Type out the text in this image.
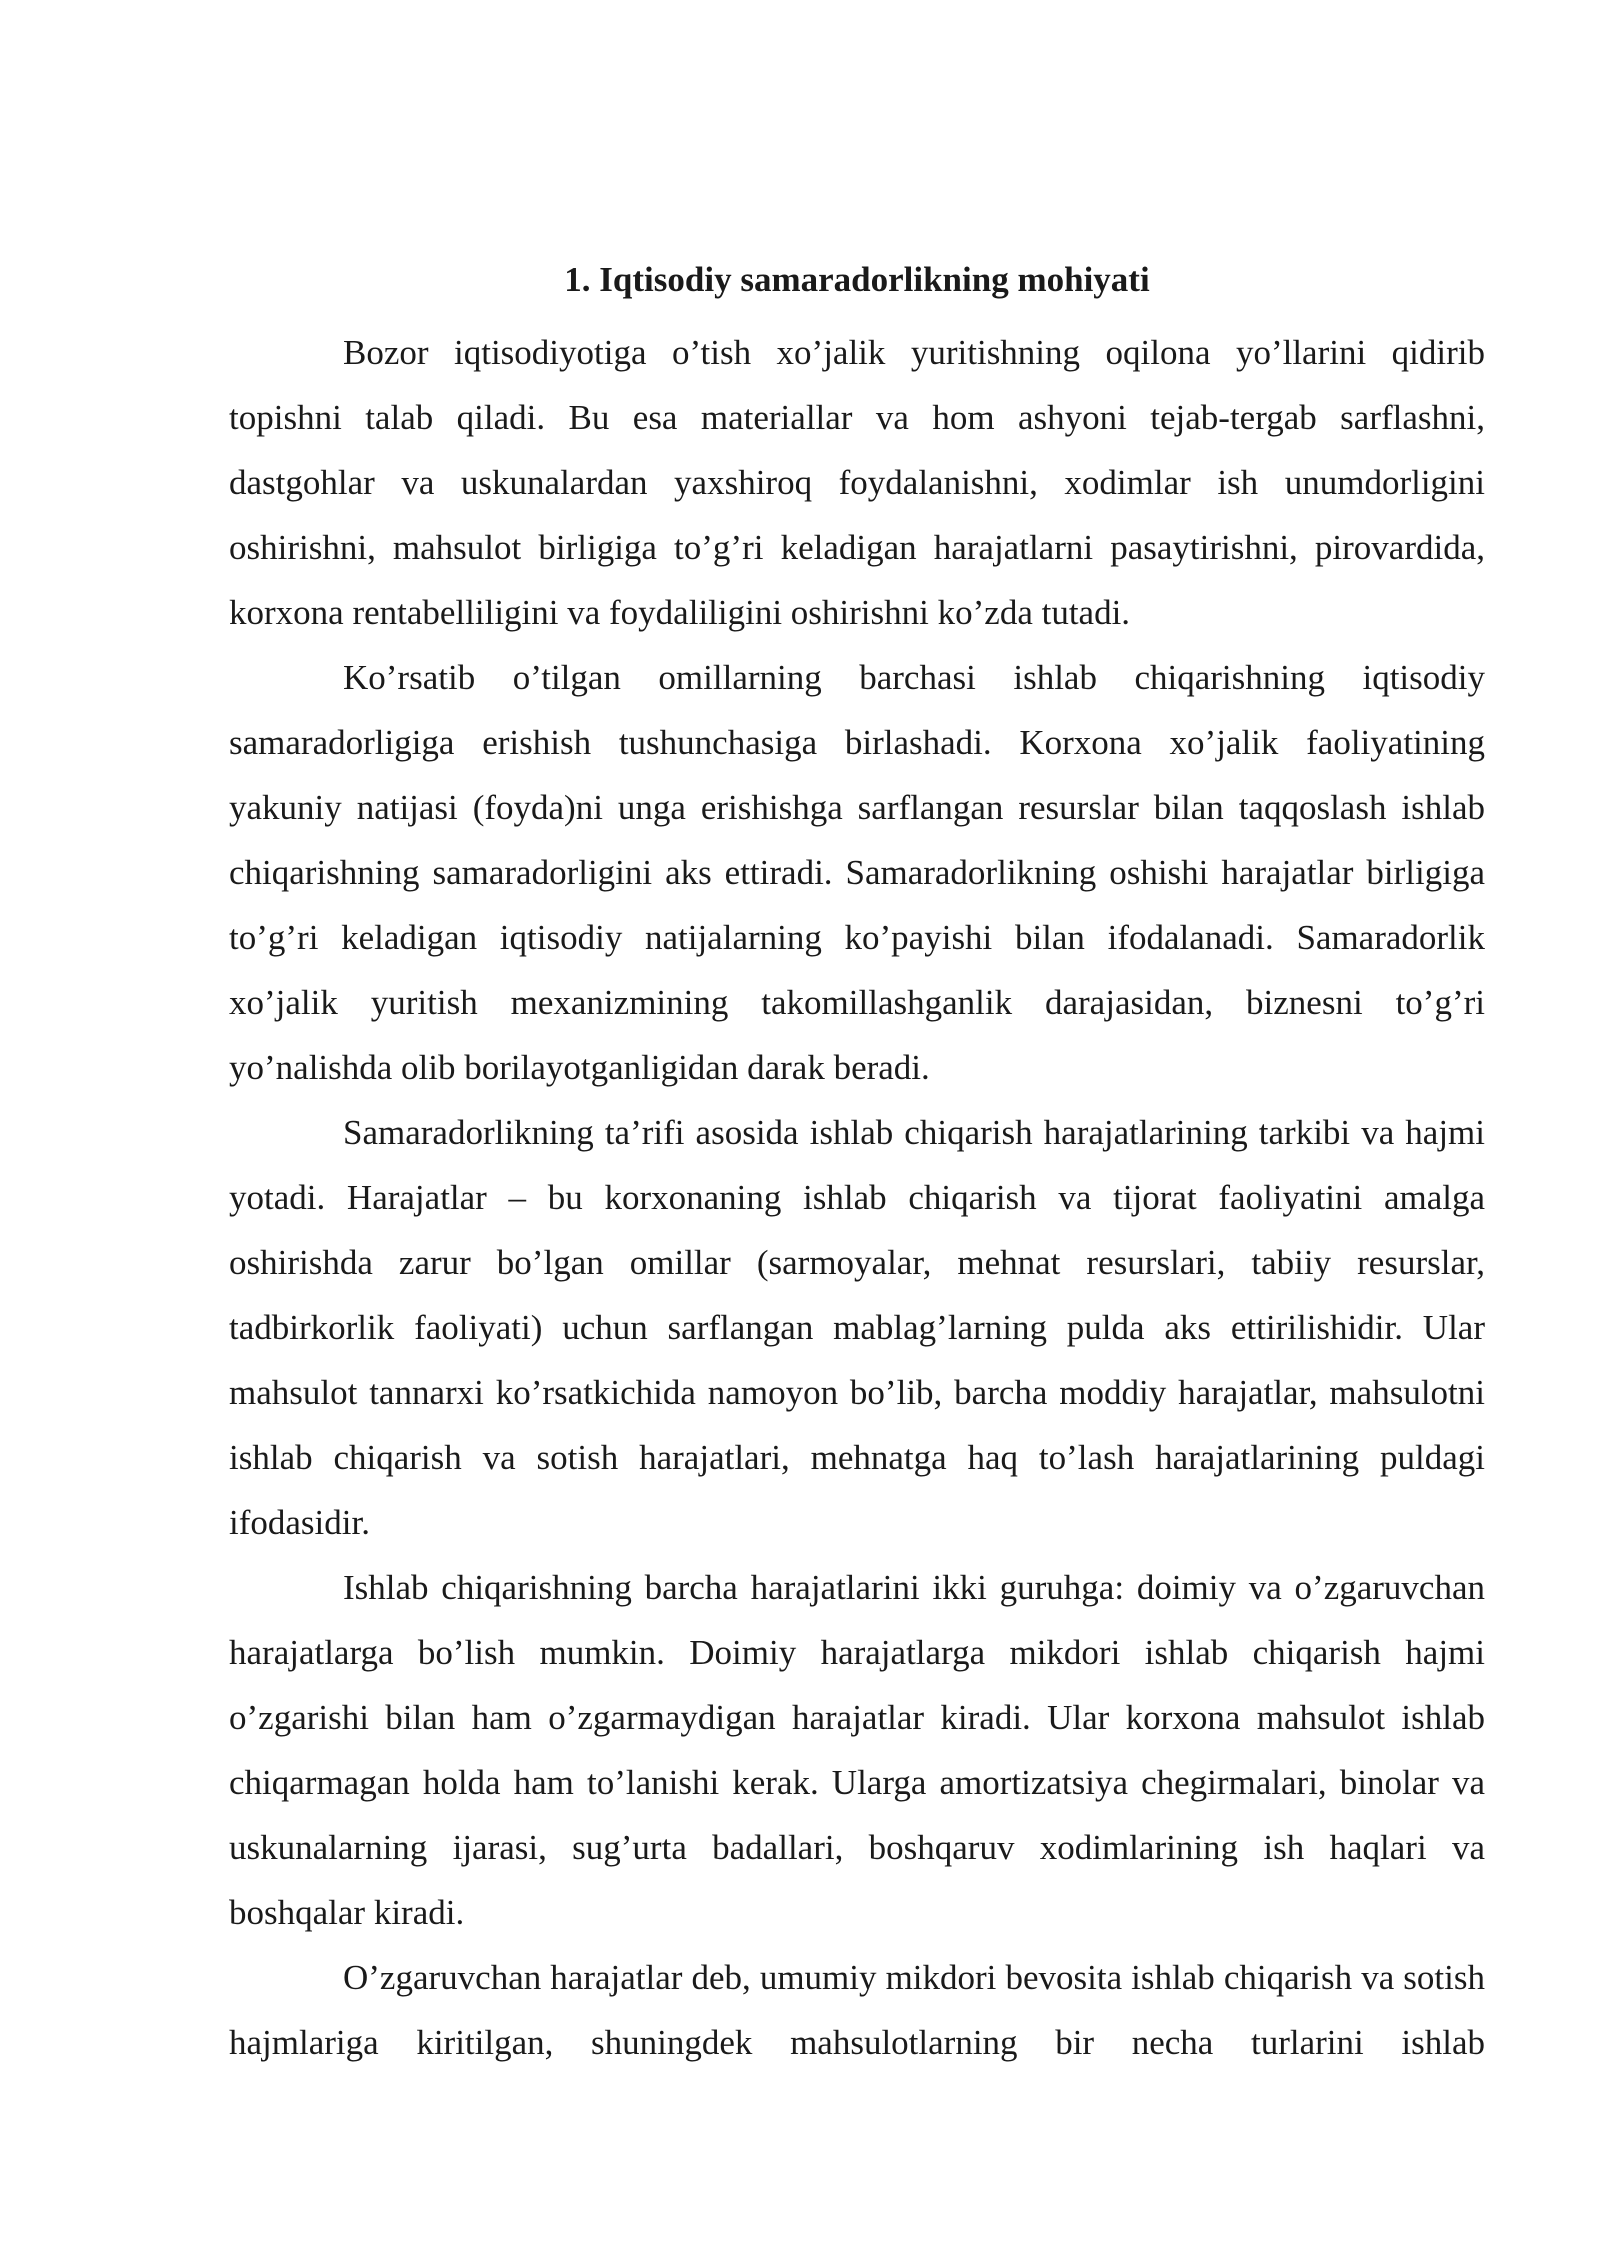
1. Iqtisodiy samaradorlikning mohiyati

Bozor iqtisodiyotiga o’tish xo’jalik yuritishning oqilona yo’llarini qidirib topishni talab qiladi. Bu esa materiallar va hom ashyoni tejab-tergab sarflashni, dastgohlar va uskunalardan yaxshiroq foydalanishni, xodimlar ish unumdorligini oshirishni, mahsulot birligiga to’g’ri keladigan harajatlarni pasaytirishni, pirovardida, korxona rentabelliligini va foydaliligini oshirishni ko’zda tutadi.

Ko’rsatib o’tilgan omillarning barchasi ishlab chiqarishning iqtisodiy samaradorligiga erishish tushunchasiga birlashadi. Korxona xo’jalik faoliyatining yakuniy natijasi (foyda)ni unga erishishga sarflangan resurslar bilan taqqoslash ishlab chiqarishning samaradorligini aks ettiradi. Samaradorlikning oshishi harajatlar birligiga to’g’ri keladigan iqtisodiy natijalarning ko’payishi bilan ifodalanadi. Samaradorlik xo’jalik yuritish mexanizmining takomillashganlik darajasidan, biznesni to’g’ri yo’nalishda olib borilayotganligidan darak beradi.

Samaradorlikning ta’rifi asosida ishlab chiqarish harajatlarining tarkibi va hajmi yotadi. Harajatlar – bu korxonaning ishlab chiqarish va tijorat faoliyatini amalga oshirishda zarur bo’lgan omillar (sarmoyalar, mehnat resurslari, tabiiy resurslar, tadbirkorlik faoliyati) uchun sarflangan mablag’larning pulda aks ettirilishidir. Ular mahsulot tannarxi ko’rsatkichida namoyon bo’lib, barcha moddiy harajatlar, mahsulotni ishlab chiqarish va sotish harajatlari, mehnatga haq to’lash harajatlarining puldagi ifodasidir.

Ishlab chiqarishning barcha harajatlarini ikki guruhga: doimiy va o’zgaruvchan harajatlarga bo’lish mumkin. Doimiy harajatlarga mikdori ishlab chiqarish hajmi o’zgarishi bilan ham o’zgarmaydigan harajatlar kiradi. Ular korxona mahsulot ishlab chiqarmagan holda ham to’lanishi kerak. Ularga amortizatsiya chegirmalari, binolar va uskunalarning ijarasi, sug’urta badallari, boshqaruv xodimlarining ish haqlari va boshqalar kiradi.

O’zgaruvchan harajatlar deb, umumiy mikdori bevosita ishlab chiqarish va sotish hajmlariga kiritilgan, shuningdek mahsulotlarning bir necha turlarini ishlab
